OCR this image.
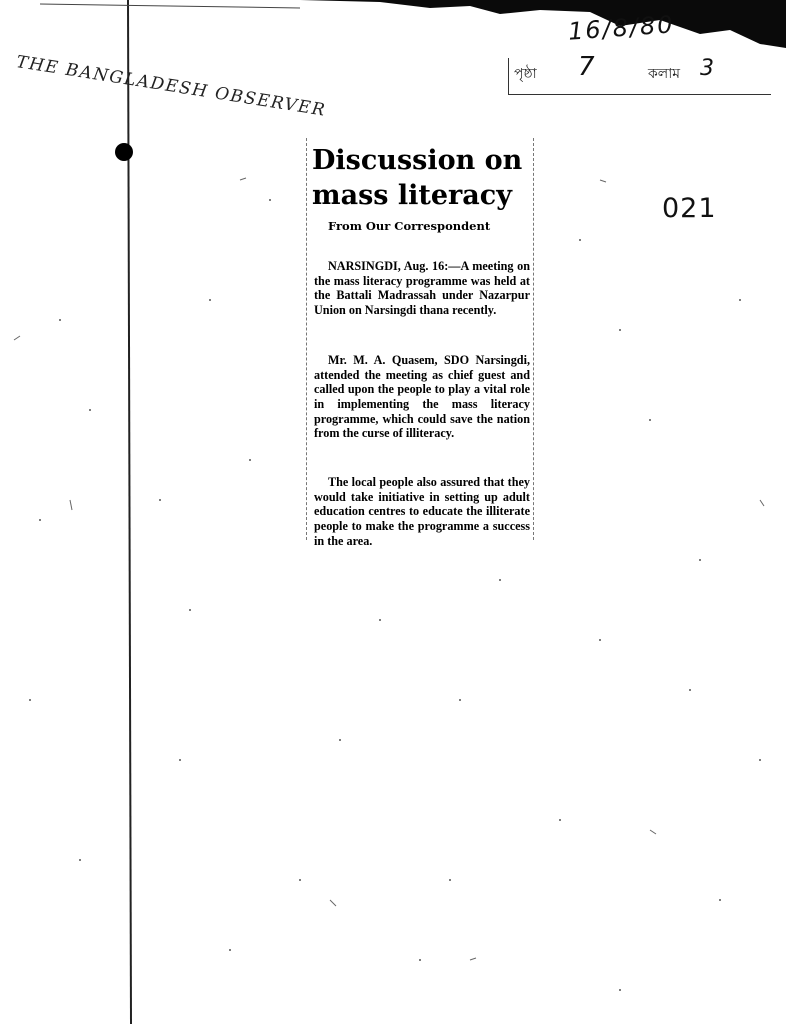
THE BANGLADESH OBSERVER
16/8/80
পৃষ্ঠা 7	কলাম 3
021
Discussion on
mass literacy
From Our Correspondent

NARSINGDI, Aug. 16:—A meeting on the mass literacy programme was held at the Battali Madrassah under Nazarpur Union on Narsingdi thana recently.

Mr. M. A. Quasem, SDO Narsingdi, attended the meeting as chief guest and called upon the people to play a vital role in implementing the mass literacy programme, which could save the nation from the curse of illiteracy.

The local people also assured that they would take initiative in setting up adult education centres to educate the illiterate people to make the programme a success in the area.
